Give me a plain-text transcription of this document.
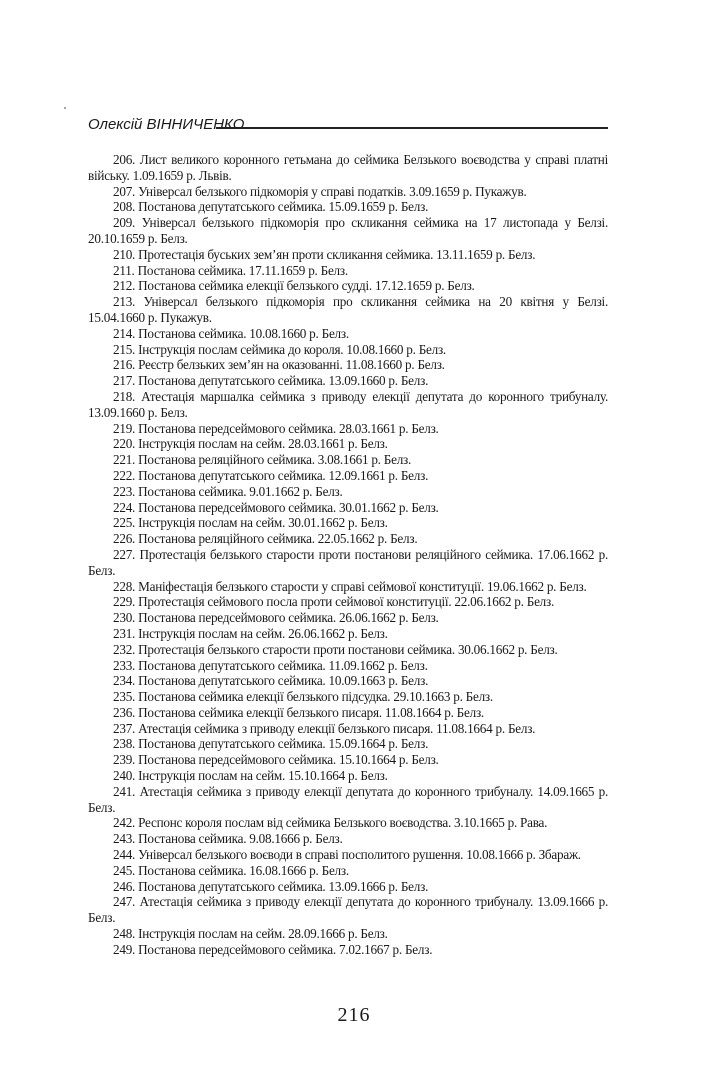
Олексій ВІННИЧЕНКО

206. Лист великого коронного гетьмана до сеймика Белзького воєводства у справі платні війську. 1.09.1659 р. Львів.

207. Універсал белзького підкоморія у справі податків. 3.09.1659 р. Пукажув.

208. Постанова депутатського сеймика. 15.09.1659 р. Белз.

209. Універсал белзького підкоморія про скликання сеймика на 17 листопада у Белзі. 20.10.1659 р. Белз.

210. Протестація буських зем’ян проти скликання сеймика. 13.11.1659 р. Белз.

211. Постанова сеймика. 17.11.1659 р. Белз.

212. Постанова сеймика елекції белзького судді. 17.12.1659 р. Белз.

213. Універсал белзького підкоморія про скликання сеймика на 20 квітня у Белзі. 15.04.1660 р. Пукажув.

214. Постанова сеймика. 10.08.1660 р. Белз.

215. Інструкція послам сеймика до короля. 10.08.1660 р. Белз.

216. Реєстр белзьких зем’ян на оказованні. 11.08.1660 р. Белз.

217. Постанова депутатського сеймика. 13.09.1660 р. Белз.

218. Атестація маршалка сеймика з приводу елекції депутата до коронного трибуналу. 13.09.1660 р. Белз.

219. Постанова передсеймового сеймика. 28.03.1661 р. Белз.

220. Інструкція послам на сейм. 28.03.1661 р. Белз.

221. Постанова реляційного сеймика. 3.08.1661 р. Белз.

222. Постанова депутатського сеймика. 12.09.1661 р. Белз.

223. Постанова сеймика. 9.01.1662 р. Белз.

224. Постанова передсеймового сеймика. 30.01.1662 р. Белз.

225. Інструкція послам на сейм. 30.01.1662 р. Белз.

226. Постанова реляційного сеймика. 22.05.1662 р. Белз.

227. Протестація белзького старости проти постанови реляційного сеймика. 17.06.1662 р. Белз.

228. Маніфестація белзького старости у справі сеймової конституції. 19.06.1662 р. Белз.

229. Протестація сеймового посла проти сеймової конституції. 22.06.1662 р. Белз.

230. Постанова передсеймового сеймика. 26.06.1662 р. Белз.

231. Інструкція послам на сейм. 26.06.1662 р. Белз.

232. Протестація белзького старости проти постанови сеймика. 30.06.1662 р. Белз.

233. Постанова депутатського сеймика. 11.09.1662 р. Белз.

234. Постанова депутатського сеймика. 10.09.1663 р. Белз.

235. Постанова сеймика елекції белзького підсудка. 29.10.1663 р. Белз.

236. Постанова сеймика елекції белзького писаря. 11.08.1664 р. Белз.

237. Атестація сеймика з приводу елекції белзького писаря. 11.08.1664 р. Белз.

238. Постанова депутатського сеймика. 15.09.1664 р. Белз.

239. Постанова передсеймового сеймика. 15.10.1664 р. Белз.

240. Інструкція послам на сейм. 15.10.1664 р. Белз.

241. Атестація сеймика з приводу елекції депутата до коронного трибуналу. 14.09.1665 р. Белз.

242. Респонс короля послам від сеймика Белзького воєводства. 3.10.1665 р. Рава.

243. Постанова сеймика. 9.08.1666 р. Белз.

244. Універсал белзького воєводи в справі посполитого рушення. 10.08.1666 р. Збараж.

245. Постанова сеймика. 16.08.1666 р. Белз.

246. Постанова депутатського сеймика. 13.09.1666 р. Белз.

247. Атестація сеймика з приводу елекції депутата до коронного трибуналу. 13.09.1666 р. Белз.

248. Інструкція послам на сейм. 28.09.1666 р. Белз.

249. Постанова передсеймового сеймика. 7.02.1667 р. Белз.

216
